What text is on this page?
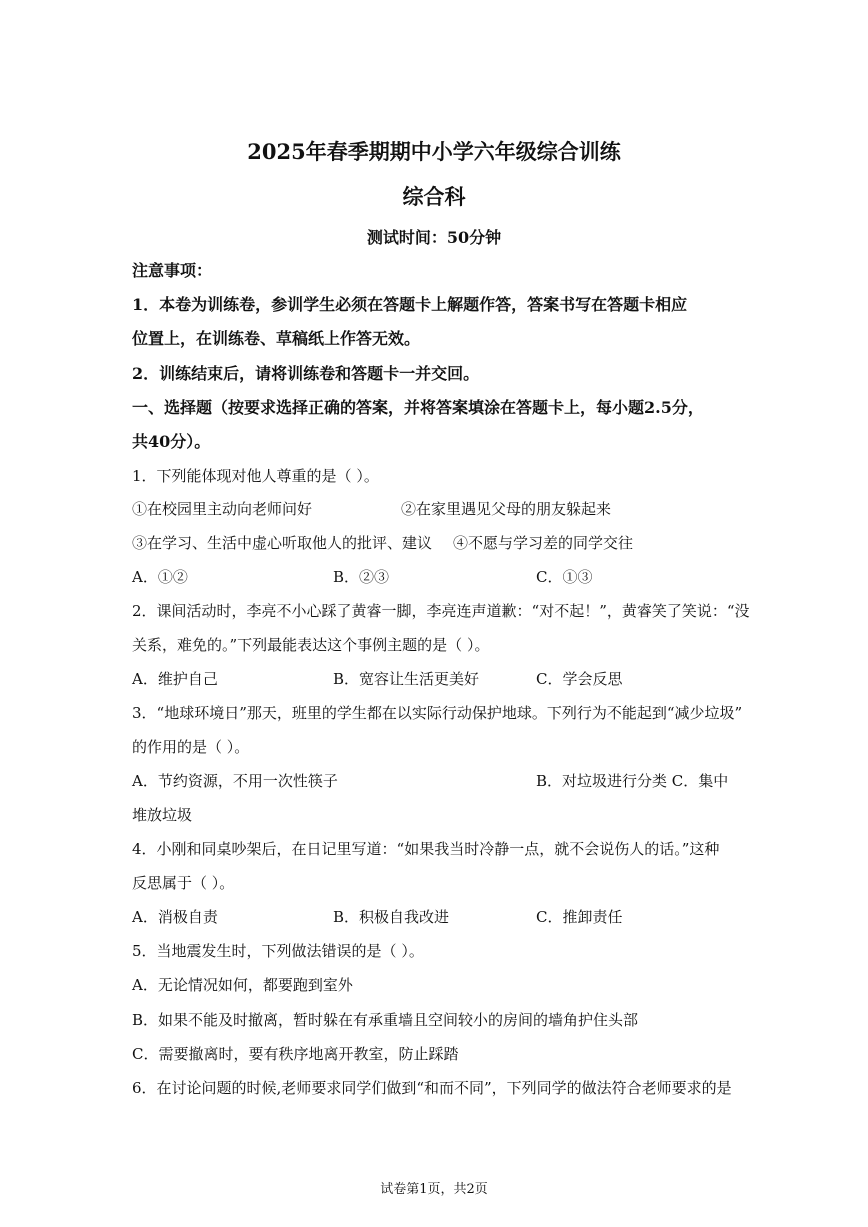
2025年春季期期中小学六年级综合训练
综合科
测试时间：50分钟
注意事项：
1．本卷为训练卷，参训学生必须在答题卡上解题作答，答案书写在答题卡相应
位置上，在训练卷、草稿纸上作答无效。
2．训练结束后，请将训练卷和答题卡一并交回。
一、选择题（按要求选择正确的答案，并将答案填涂在答题卡上，每小题2.5分，
共40分）。
1．下列能体现对他人尊重的是（ ）。
①在校园里主动向老师问好	②在家里遇见父母的朋友躲起来
③在学习、生活中虚心听取他人的批评、建议 ④不愿与学习差的同学交往
A．①②	B．②③	C．①③
2．课间活动时，李亮不小心踩了黄睿一脚，李亮连声道歉：“对不起！”，黄睿笑了笑说：“没
关系，难免的。”下列最能表达这个事例主题的是（ ）。
A．维护自己	B．宽容让生活更美好	C．学会反思
3．“地球环境日”那天，班里的学生都在以实际行动保护地球。下列行为不能起到“减少垃圾”
的作用的是（ ）。
A．节约资源，不用一次性筷子	B．对垃圾进行分类 C．集中
堆放垃圾
4．小刚和同桌吵架后，在日记里写道：“如果我当时冷静一点，就不会说伤人的话。”这种
反思属于（ ）。
A．消极自责	B．积极自我改进	C．推卸责任
5．当地震发生时，下列做法错误的是（ ）。
A．无论情况如何，都要跑到室外
B．如果不能及时撤离，暂时躲在有承重墙且空间较小的房间的墙角护住头部
C．需要撤离时，要有秩序地离开教室，防止踩踏
6．在讨论问题的时候,老师要求同学们做到“和而不同”，下列同学的做法符合老师要求的是
试卷第1页，共2页
